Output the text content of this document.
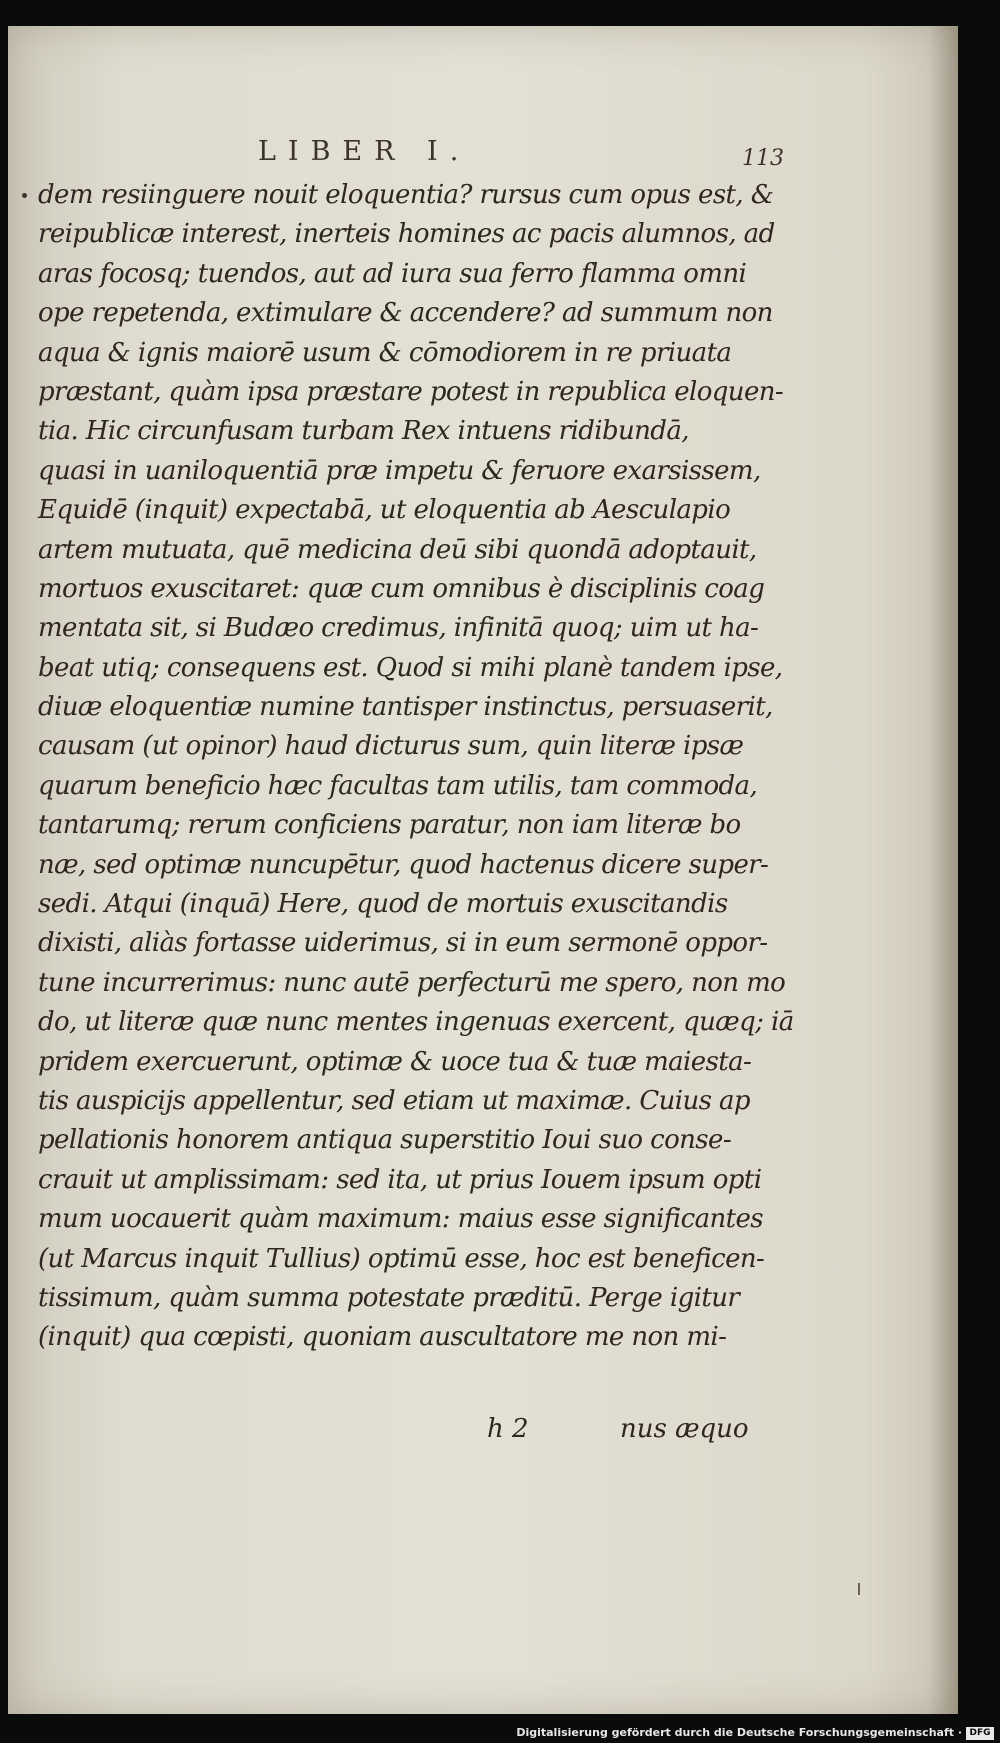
LIBER I.	113
dem resiinguere nouit eloquentia? rursus cum opus est, &
reipublicæ interest, inerteis homines ac pacis alumnos, ad
aras focosq; tuendos, aut ad iura sua ferro flamma omni
ope repetenda, extimulare & accendere? ad summum non
aqua & ignis maiorē usum & cōmodiorem in re priuata
præstant, quàm ipsa præstare potest in republica eloquen-
tia. Hic circunfusam turbam Rex intuens ridibundā,
quasi in uaniloquentiā præ impetu & feruore exarsissem,
Equidē (inquit) expectabā, ut eloquentia ab Aesculapio
artem mutuata, quē medicina deū sibi quondā adoptauit,
mortuos exuscitaret: quæ cum omnibus è disciplinis coag
mentata sit, si Budæo credimus, infinitā quoq; uim ut ha-
beat utiq; consequens est. Quod si mihi planè tandem ipse,
diuæ eloquentiæ numine tantisper instinctus, persuaserit,
causam (ut opinor) haud dicturus sum, quin literæ ipsæ
quarum beneficio hæc facultas tam utilis, tam commoda,
tantarumq; rerum conficiens paratur, non iam literæ bo
næ, sed optimæ nuncupētur, quod hactenus dicere super-
sedi. Atqui (inquā) Here, quod de mortuis exuscitandis
dixisti, aliàs fortasse uiderimus, si in eum sermonē oppor-
tune incurrerimus: nunc autē perfecturū me spero, non mo
do, ut literæ quæ nunc mentes ingenuas exercent, quæq; iā
pridem exercuerunt, optimæ & uoce tua & tuæ maiesta-
tis auspicijs appellentur, sed etiam ut maximæ. Cuius ap
pellationis honorem antiqua superstitio Ioui suo conse-
crauit ut amplissimam: sed ita, ut prius Iouem ipsum opti
mum uocauerit quàm maximum: maius esse significantes
(ut Marcus inquit Tullius) optimū esse, hoc est beneficen-
tissimum, quàm summa potestate præditū. Perge igitur
(inquit) qua cœpisti, quoniam auscultatore me non mi-
h 2	nus æquo
Digitalisierung gefördert durch die Deutsche Forschungsgemeinschaft · DFG
